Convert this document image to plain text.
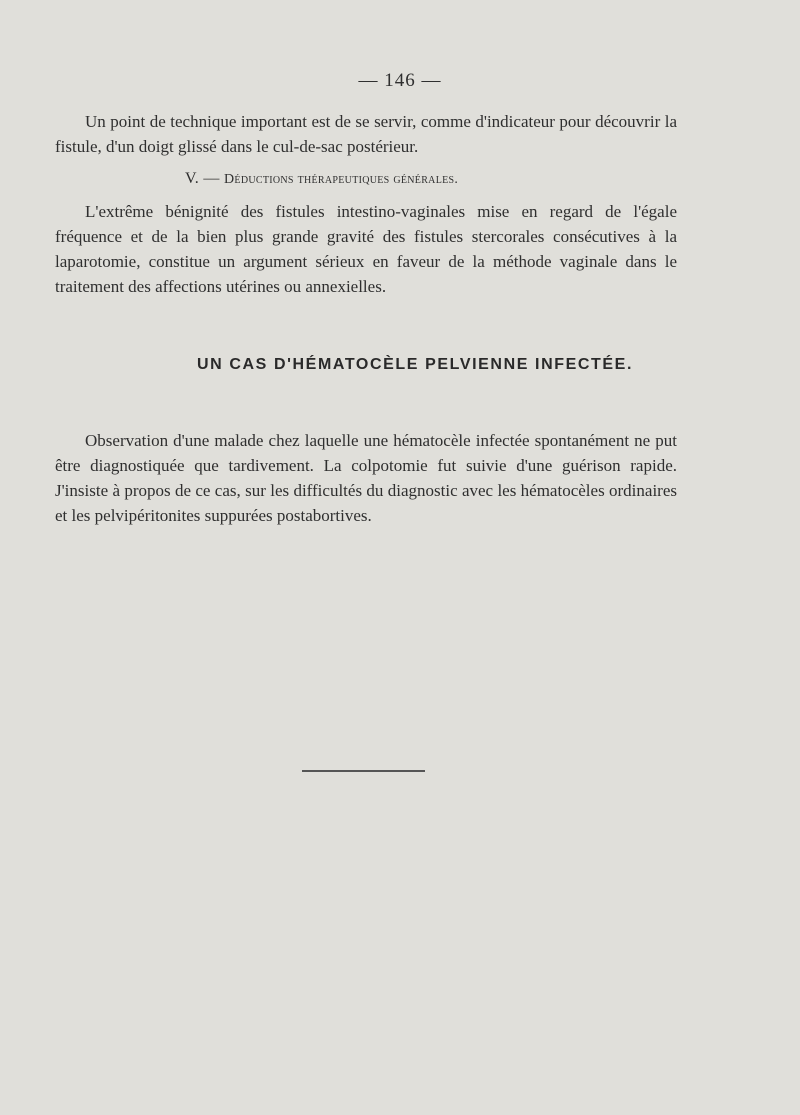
— 146 —

Un point de technique important est de se servir, comme d'indicateur pour découvrir la fistule, d'un doigt glissé dans le cul-de-sac postérieur.

V. — Déductions thérapeutiques générales.

L'extrême bénignité des fistules intestino-vaginales mise en regard de l'égale fréquence et de la bien plus grande gravité des fistules stercorales consécutives à la laparotomie, constitue un argument sérieux en faveur de la méthode vaginale dans le traitement des affections utérines ou annexielles.

UN CAS D'HÉMATOCÈLE PELVIENNE INFECTÉE.

Observation d'une malade chez laquelle une hématocèle infectée spontanément ne put être diagnostiquée que tardivement. La colpotomie fut suivie d'une guérison rapide. J'insiste à propos de ce cas, sur les difficultés du diagnostic avec les hématocèles ordinaires et les pelvipéritonites suppurées postabortives.
